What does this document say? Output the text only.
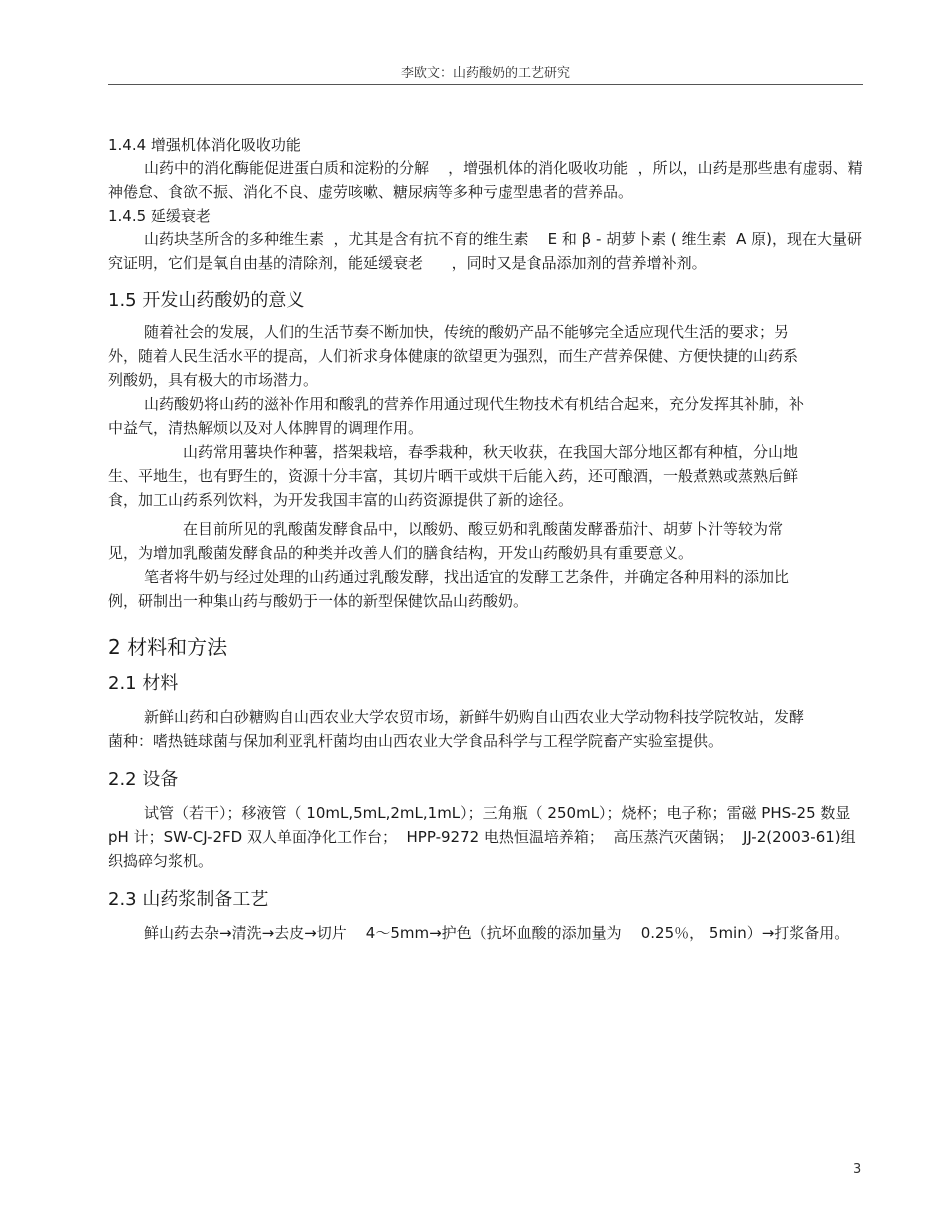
李欧文：山药酸奶的工艺研究

1.4.4 增强机体消化吸收功能

山药中的消化酶能促进蛋白质和淀粉的分解    ，增强机体的消化吸收功能  ，所以，山药是那些患有虚弱、精神倦怠、食欲不振、消化不良、虚劳咳嗽、糖尿病等多种亏虚型患者的营养品。

1.4.5 延缓衰老

山药块茎所含的多种维生素  ，尤其是含有抗不育的维生素    E 和 β - 胡萝卜素 ( 维生素  A 原)，现在大量研究证明，它们是氧自由基的清除剂，能延缓衰老      ，同时又是食品添加剂的营养增补剂。

1.5 开发山药酸奶的意义

随着社会的发展，人们的生活节奏不断加快，传统的酸奶产品不能够完全适应现代生活的要求；另外，随着人民生活水平的提高，人们祈求身体健康的欲望更为强烈，而生产营养保健、方便快捷的山药系列酸奶，具有极大的市场潜力。

山药酸奶将山药的滋补作用和酸乳的营养作用通过现代生物技术有机结合起来，充分发挥其补肺，补中益气，清热解烦以及对人体脾胃的调理作用。

山药常用薯块作种薯，搭架栽培，春季栽种，秋天收获，在我国大部分地区都有种植，分山地生、平地生，也有野生的，资源十分丰富，其切片晒干或烘干后能入药，还可酿酒，一般煮熟或蒸熟后鲜食，加工山药系列饮料，为开发我国丰富的山药资源提供了新的途径。

在目前所见的乳酸菌发酵食品中，以酸奶、酸豆奶和乳酸菌发酵番茄汁、胡萝卜汁等较为常见，为增加乳酸菌发酵食品的种类并改善人们的膳食结构，开发山药酸奶具有重要意义。

笔者将牛奶与经过处理的山药通过乳酸发酵，找出适宜的发酵工艺条件，并确定各种用料的添加比例，研制出一种集山药与酸奶于一体的新型保健饮品山药酸奶。

2 材料和方法

2.1 材料

新鲜山药和白砂糖购自山西农业大学农贸市场，新鲜牛奶购自山西农业大学动物科技学院牧站，发酵菌种：嗜热链球菌与保加利亚乳杆菌均由山西农业大学食品科学与工程学院畜产实验室提供。

2.2 设备

试管（若干）；移液管（ 10mL,5mL,2mL,1mL）；三角瓶（ 250mL）；烧杯；电子称；雷磁 PHS-25 数显 pH 计；SW-CJ-2FD 双人单面净化工作台；  HPP-9272 电热恒温培养箱；  高压蒸汽灭菌锅；  JJ-2(2003-61)组织捣碎匀浆机。

2.3 山药浆制备工艺

鲜山药去杂→清洗→去皮→切片    4～5mm→护色（抗坏血酸的添加量为    0.25％， 5min）→打浆备用。

3
